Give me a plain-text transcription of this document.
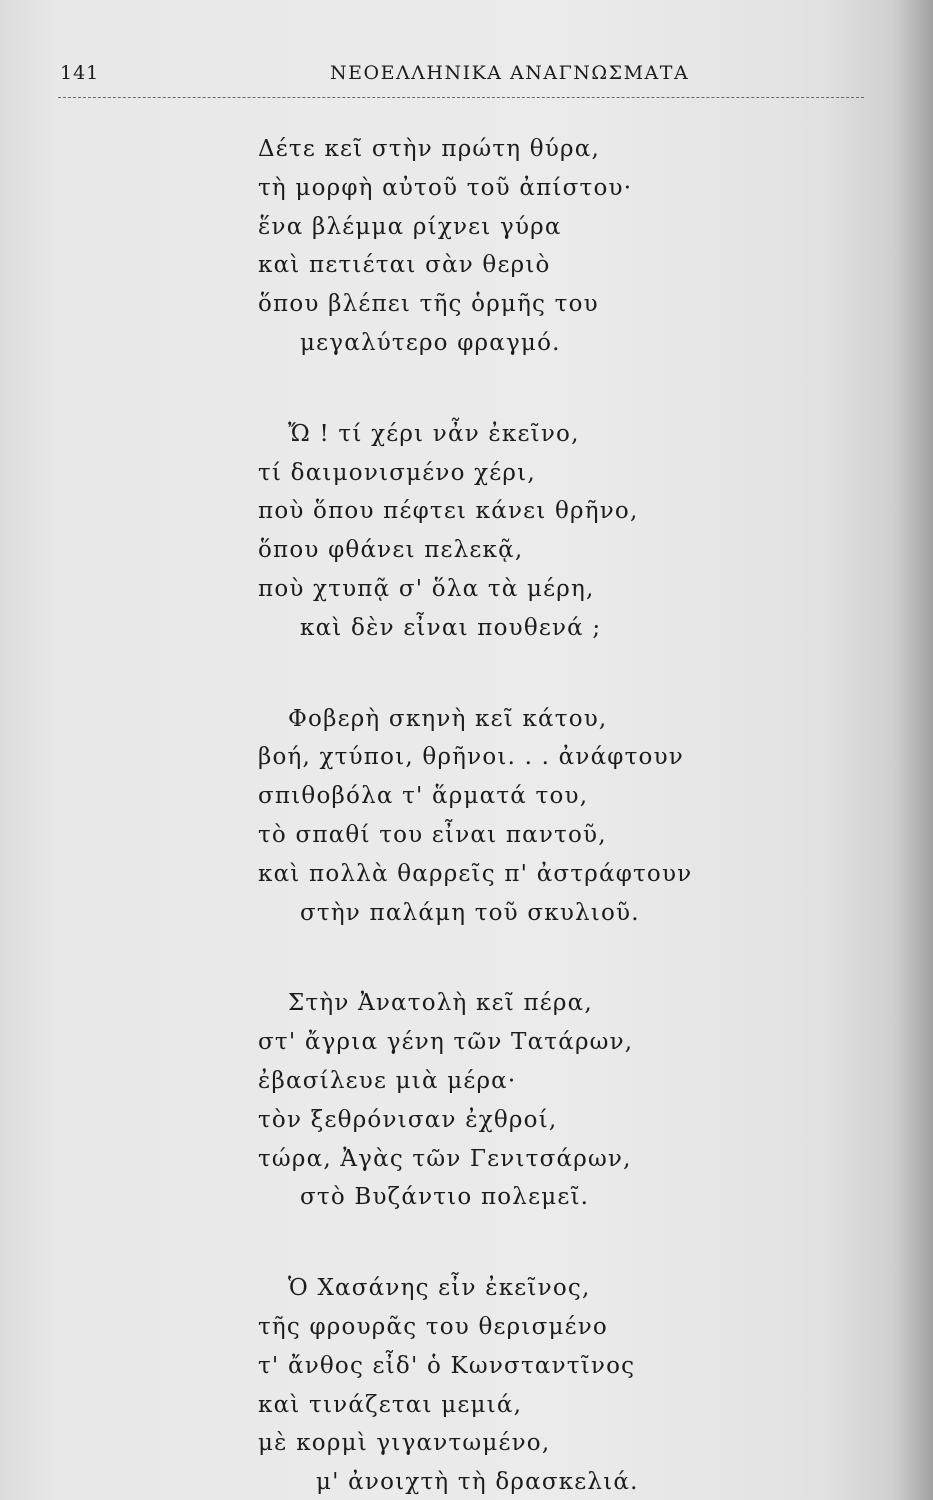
141	ΝΕΟΕΛΛΗΝΙΚΑ ΑΝΑΓΝΩΣΜΑΤΑ
Δέτε κεῖ στὴν πρώτη θύρα,
τὴ μορφὴ αὐτοῦ τοῦ ἀπίστου·
ἕνα βλέμμα ρίχνει γύρα
καὶ πετιέται σὰν θεριὸ
ὅπου βλέπει τῆς ὁρμῆς του
μεγαλύτερο φραγμό.
Ὤ ! τί χέρι νἆν ἐκεῖνο,
τί δαιμονισμένο χέρι,
ποὺ ὅπου πέφτει κάνει θρῆνο,
ὅπου φθάνει πελεκᾷ,
ποὺ χτυπᾷ σ' ὅλα τὰ μέρη,
καὶ δὲν εἶναι πουθενά ;
Φοβερὴ σκηνὴ κεῖ κάτου,
βοή, χτύποι, θρῆνοι. . . ἀνάφτουν
σπιθοβόλα τ' ἅρματά του,
τὸ σπαθί του εἶναι παντοῦ,
καὶ πολλὰ θαρρεῖς π' ἀστράφτουν
στὴν παλάμη τοῦ σκυλιοῦ.
Στὴν Ἀνατολὴ κεῖ πέρα,
στ' ἄγρια γένη τῶν Τατάρων,
ἐβασίλευε μιὰ μέρα·
τὸν ξεθρόνισαν ἐχθροί,
τώρα, Ἀγὰς τῶν Γενιτσάρων,
στὸ Βυζάντιο πολεμεῖ.
Ὁ Χασάνης εἶν ἐκεῖνος,
τῆς φρουρᾶς του θερισμένο
τ' ἄνθος εἶδ' ὁ Κωνσταντῖνος
καὶ τινάζεται μεμιά,
μὲ κορμὶ γιγαντωμένο,
μ' ἀνοιχτὴ τὴ δρασκελιά.
